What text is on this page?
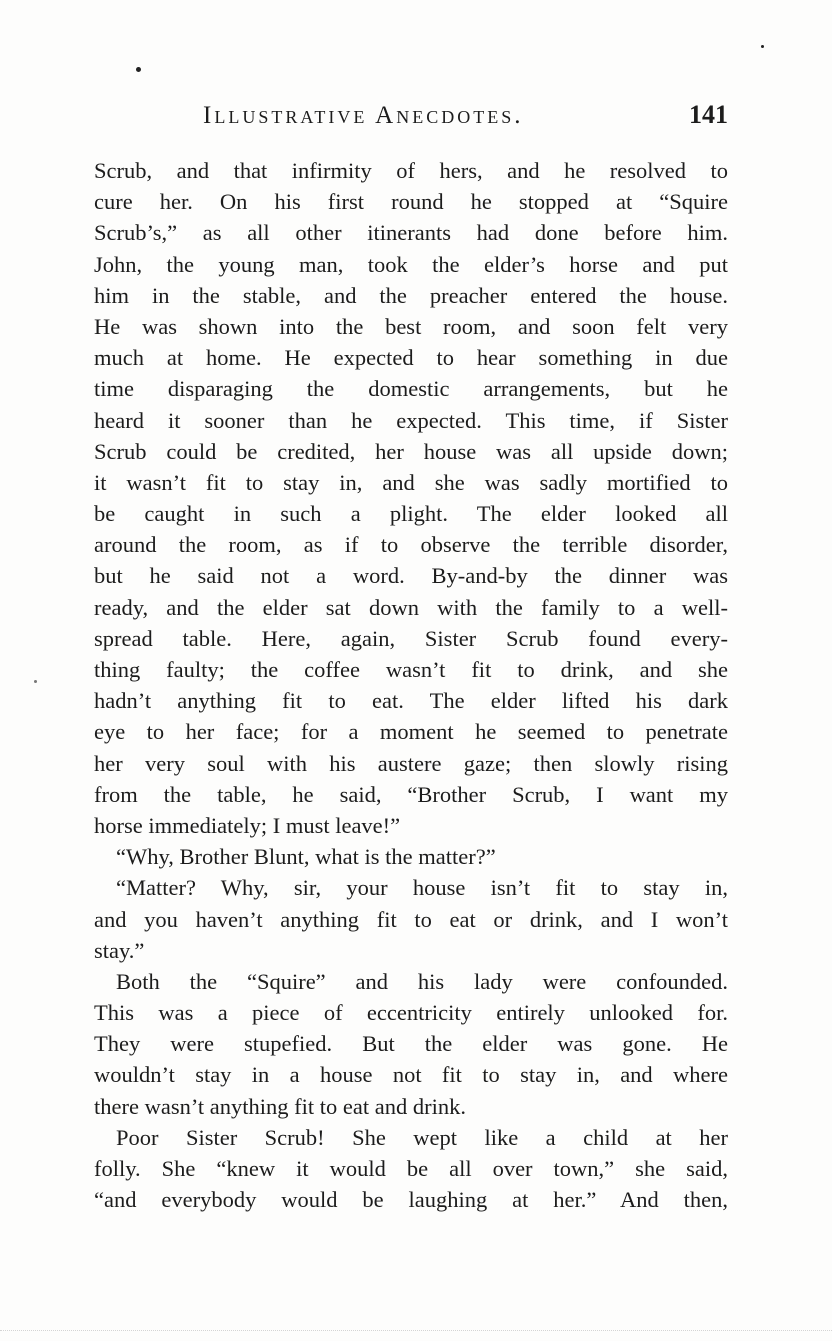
Illustrative Anecdotes.	141
Scrub, and that infirmity of hers, and he resolved to
cure her. On his first round he stopped at “Squire
Scrub’s,” as all other itinerants had done before him.
John, the young man, took the elder’s horse and put
him in the stable, and the preacher entered the house.
He was shown into the best room, and soon felt very
much at home. He expected to hear something in due
time disparaging the domestic arrangements, but he
heard it sooner than he expected. This time, if Sister
Scrub could be credited, her house was all upside down;
it wasn’t fit to stay in, and she was sadly mortified to
be caught in such a plight. The elder looked all
around the room, as if to observe the terrible disorder,
but he said not a word. By-and-by the dinner was
ready, and the elder sat down with the family to a well-
spread table. Here, again, Sister Scrub found every-
thing faulty; the coffee wasn’t fit to drink, and she
hadn’t anything fit to eat. The elder lifted his dark
eye to her face; for a moment he seemed to penetrate
her very soul with his austere gaze; then slowly rising
from the table, he said, “Brother Scrub, I want my
horse immediately; I must leave!”
“Why, Brother Blunt, what is the matter?”
“Matter? Why, sir, your house isn’t fit to stay in,
and you haven’t anything fit to eat or drink, and I won’t
stay.”
Both the “Squire” and his lady were confounded.
This was a piece of eccentricity entirely unlooked for.
They were stupefied. But the elder was gone. He
wouldn’t stay in a house not fit to stay in, and where
there wasn’t anything fit to eat and drink.
Poor Sister Scrub! She wept like a child at her
folly. She “knew it would be all over town,” she said,
“and everybody would be laughing at her.” And then,
